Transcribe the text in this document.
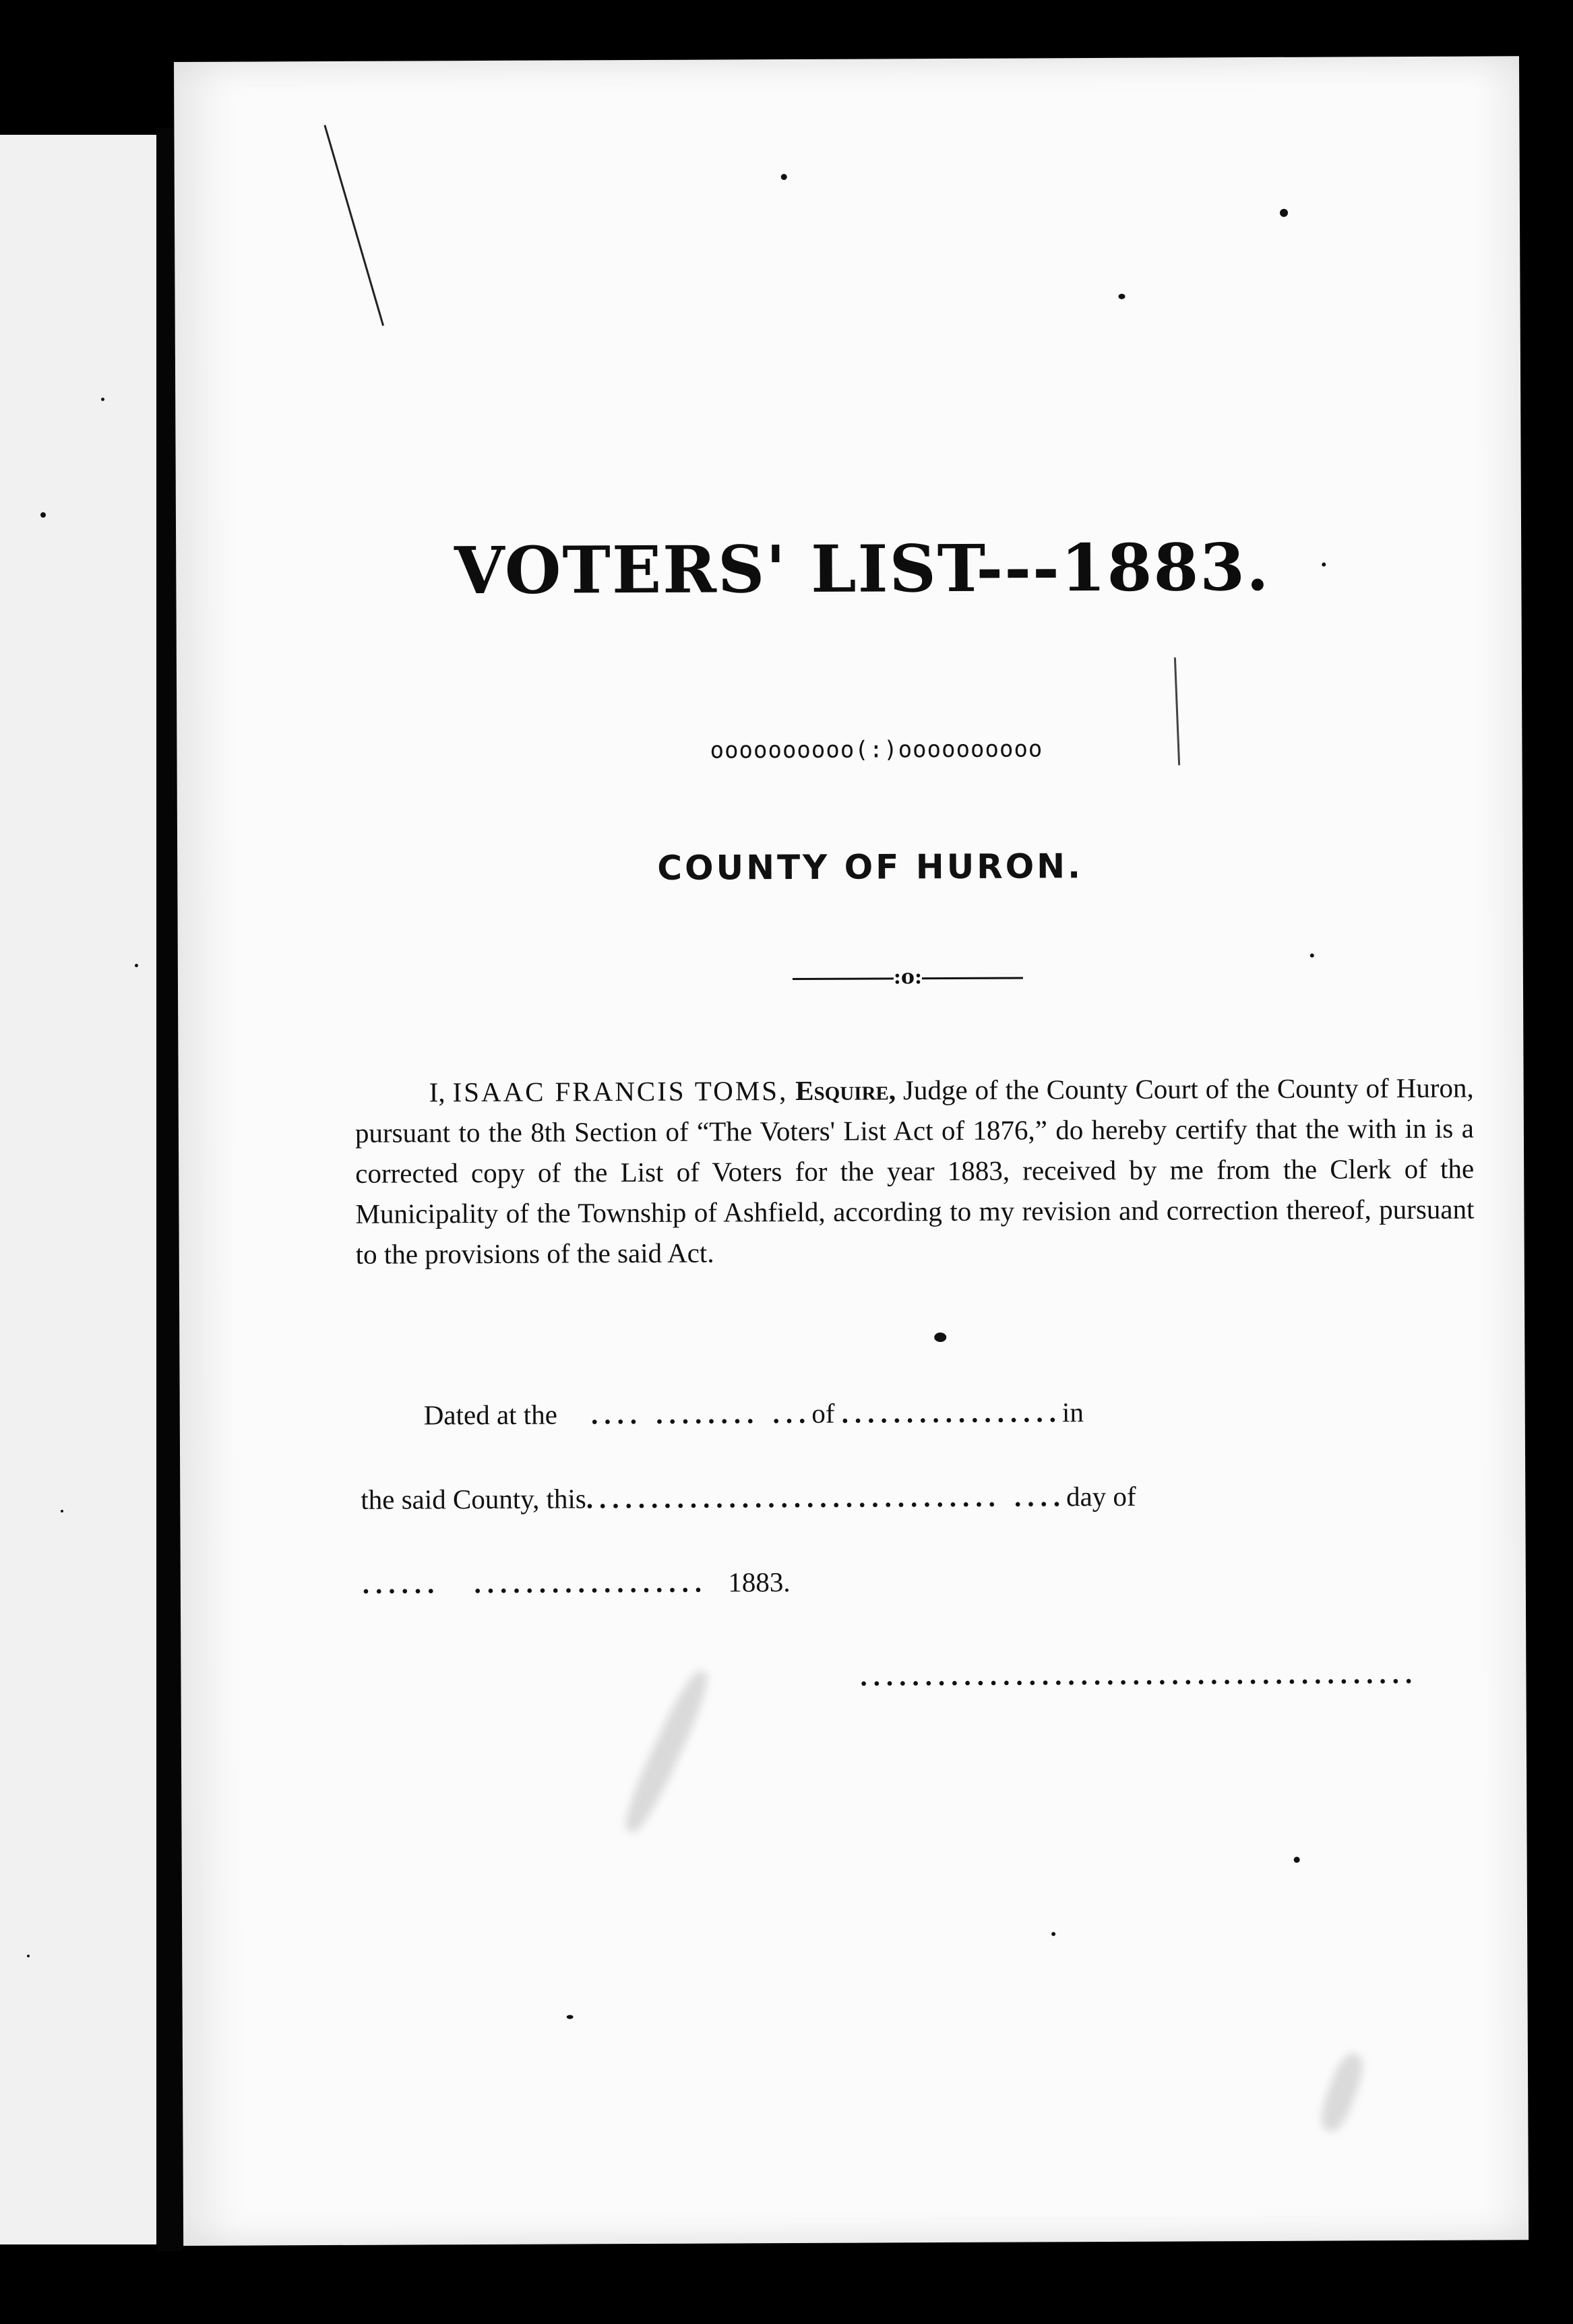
VOTERS' LIST---1883.
oooooooooo(:)oooooooooo
COUNTY OF HURON.
:o:
I, ISAAC FRANCIS TOMS, Esquire, Judge of the County Court of the County of Huron, pursuant to the 8th Section of “The Voters' List Act of 1876,” do hereby certify that the with in is a corrected copy of the List of Voters for the year 1883, received by me from the Clerk of the Municipality of the Township of Ashfield, according to my revision and correction thereof, pursuant to the provisions of the said Act.
Dated at the .... ........ ...of .................in
the said County, this................................ ....day of
...... .................. 1883.
...........................................
